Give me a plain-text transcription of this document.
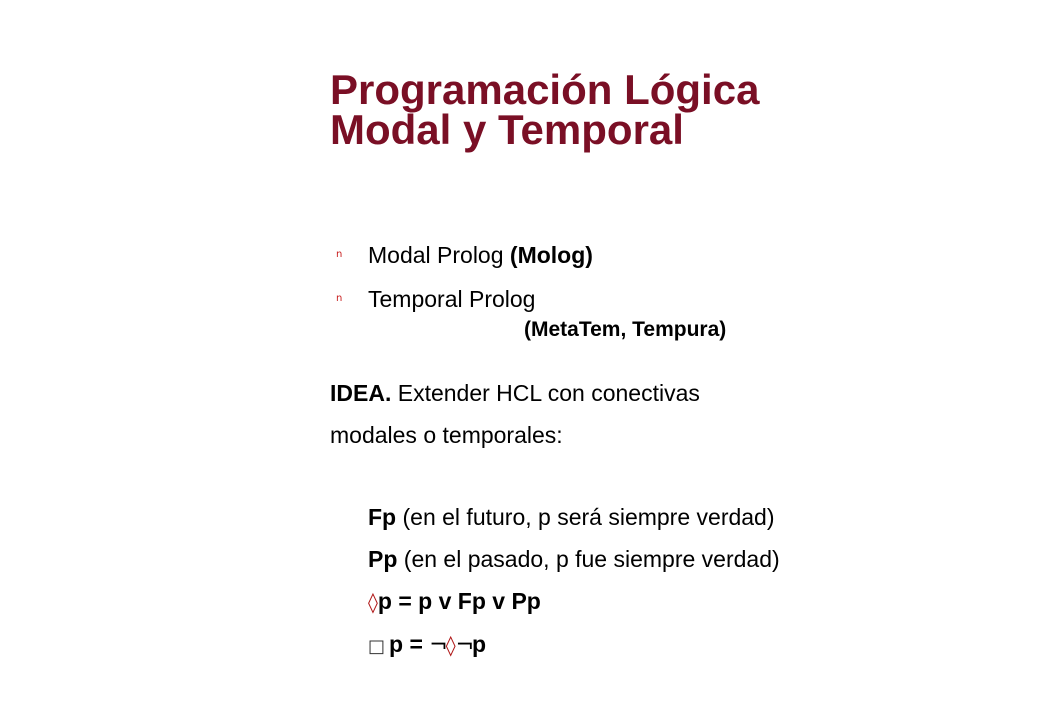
Programación Lógica
Modal y Temporal
n Modal Prolog (Molog)
n Temporal Prolog
(MetaTem, Tempura)
IDEA. Extender HCL con conectivas
modales o temporales:
Fp (en el futuro, p será siempre verdad)
Pp (en el pasado, p fue siempre verdad)
◊p = p v Fp v Pp
□ p = ¬◊¬p
